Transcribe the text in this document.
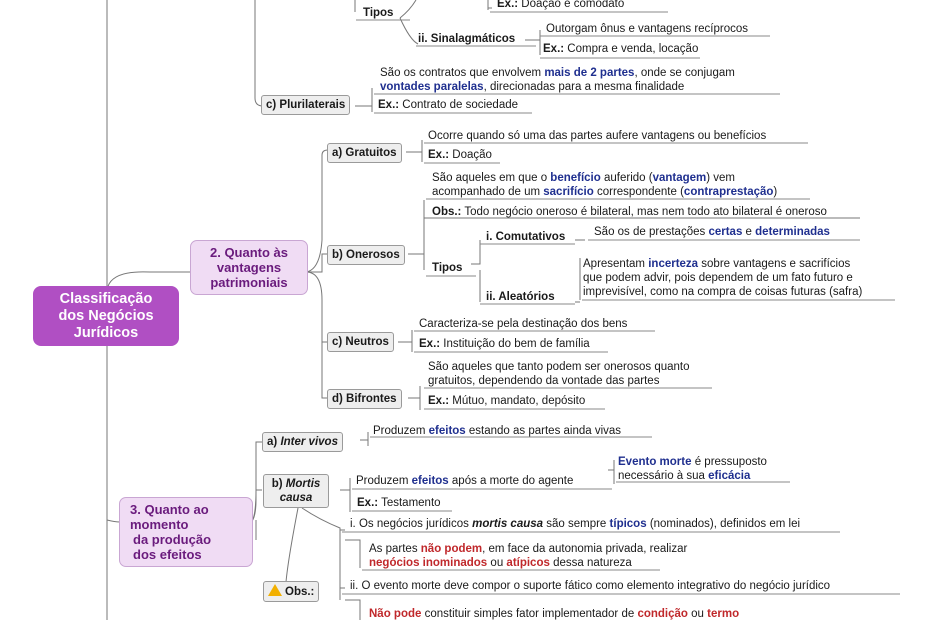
Classificação
dos Negócios
Jurídicos
Ex.: Doação e comodato
Tipos
ii. Sinalagmáticos
Outorgam ônus e vantagens recíprocos
Ex.: Compra e venda, locação
c) Plurilaterais
São os contratos que envolvem mais de 2 partes, onde se conjugam
vontades paralelas, direcionadas para a mesma finalidade
Ex.: Contrato de sociedade
2. Quanto às
vantagens
patrimoniais
a) Gratuitos
Ocorre quando só uma das partes aufere vantagens ou benefícios
Ex.: Doação
b) Onerosos
São aqueles em que o benefício auferido (vantagem) vem
acompanhado de um sacrifício correspondente (contraprestação)
Obs.: Todo negócio oneroso é bilateral, mas nem todo ato bilateral é oneroso
Tipos
i. Comutativos	São os de prestações certas e determinadas
ii. Aleatórios
Apresentam incerteza sobre vantagens e sacrifícios
que podem advir, pois dependem de um fato futuro e
imprevisível, como na compra de coisas futuras (safra)
c) Neutros
Caracteriza-se pela destinação dos bens
Ex.: Instituição do bem de família
d) Bifrontes
São aqueles que tanto podem ser onerosos quanto
gratuitos, dependendo da vontade das partes
Ex.: Mútuo, mandato, depósito
3. Quanto ao
momento
da produção
dos efeitos
a) Inter vivos
Produzem efeitos estando as partes ainda vivas
b) Mortis
causa
Produzem efeitos após a morte do agente
Evento morte é pressuposto
necessário à sua eficácia
Ex.: Testamento
Obs.:
i. Os negócios jurídicos mortis causa são sempre típicos (nominados), definidos em lei
As partes não podem, em face da autonomia privada, realizar
negócios inominados ou atípicos dessa natureza
ii. O evento morte deve compor o suporte fático como elemento integrativo do negócio jurídico
Não pode constituir simples fator implementador de condição ou termo
